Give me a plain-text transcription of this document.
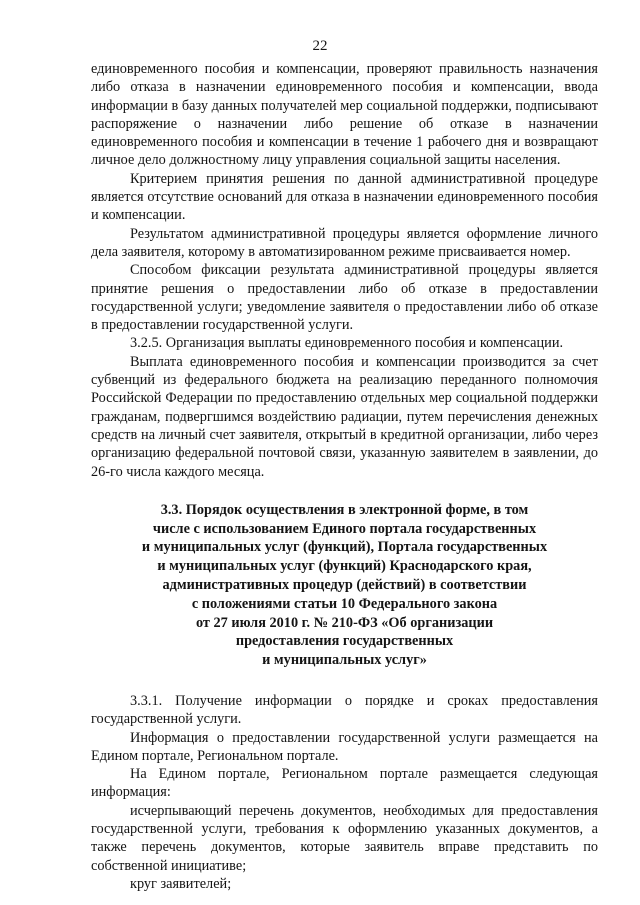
22

единовременного пособия и компенсации, проверяют правильность назначения либо отказа в назначении единовременного пособия и компенсации, ввода информации в базу данных получателей мер социальной поддержки, подписывают распоряжение о назначении либо решение об отказе в назначении единовременного пособия и компенсации в течение 1 рабочего дня и возвращают личное дело должностному лицу управления социальной защиты населения.

Критерием принятия решения по данной административной процедуре является отсутствие оснований для отказа в назначении единовременного пособия и компенсации.

Результатом административной процедуры является оформление личного дела заявителя, которому в автоматизированном режиме присваивается номер.

Способом фиксации результата административной процедуры является принятие решения о предоставлении либо об отказе в предоставлении государственной услуги; уведомление заявителя о предоставлении либо об отказе в предоставлении государственной услуги.

3.2.5. Организация выплаты единовременного пособия и компенсации.

Выплата единовременного пособия и компенсации производится за счет субвенций из федерального бюджета на реализацию переданного полномочия Российской Федерации по предоставлению отдельных мер социальной поддержки гражданам, подвергшимся воздействию радиации, путем перечисления денежных средств на личный счет заявителя, открытый в кредитной организации, либо через организацию федеральной почтовой связи, указанную заявителем в заявлении, до 26-го числа каждого месяца.

3.3. Порядок осуществления в электронной форме, в том
числе с использованием Единого портала государственных
и муниципальных услуг (функций), Портала государственных
и муниципальных услуг (функций) Краснодарского края,
административных процедур (действий) в соответствии
с положениями статьи 10 Федерального закона
от 27 июля 2010 г. № 210-ФЗ «Об организации
предоставления государственных
и муниципальных услуг»

3.3.1. Получение информации о порядке и сроках предоставления государственной услуги.

Информация о предоставлении государственной услуги размещается на Едином портале, Региональном портале.

На Едином портале, Региональном портале размещается следующая информация:

исчерпывающий перечень документов, необходимых для предоставления государственной услуги, требования к оформлению указанных документов, а также перечень документов, которые заявитель вправе представить по собственной инициативе;

круг заявителей;
